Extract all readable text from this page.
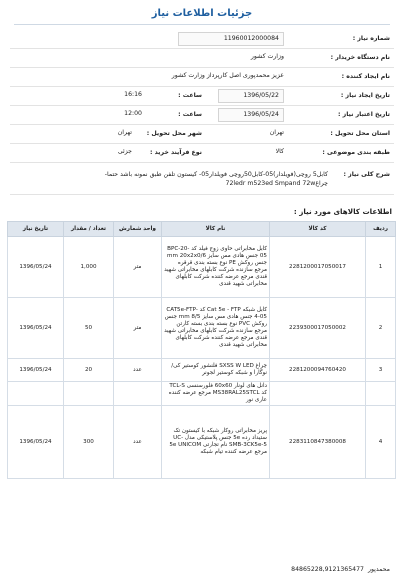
جزئیات اطلاعات نیاز
شماره نیاز :
11960012000084
نام دستگاه خریدار :
وزارت کشور
نام ایجاد کننده :
عزیز محمدپوری اصل کارپرداز وزارت کشور
تاریخ ایجاد نیاز :
1396/05/22
ساعت :
16:16
تاریخ اعتبار نیاز :
1396/05/24
ساعت :
12:00
استان محل تحویل :
تهران
شهر محل تحویل :
تهران
طبقه بندی موضوعی :
کالا
نوع فرآیند خرید :
جزئی
شرح کلی نیاز :
کابل5 روچی(فویلدار)05-کابل50روچی فویلدار05- کیستون تلفن طبق نمونه باشد حتما-
چراغ72ledr m523ed Smpand 72w
اطلاعات کالاهای مورد نیاز :
ردیف	کد کالا	نام کالا	واحد شمارش	تعداد / مقدار	تاریخ نیاز
1	2281200017050017	کابل مخابراتی حاوی زوج فیلد کد BPC-20-05 جنس هادی مس سایز mm 20x2x0/6 جنس روکش PE نوع بسته بندی قرقره مرجع سازنده شرکت کابلهای مخابراتی شهید قندی مرجع عرضه کننده شرکت کابلهای مخابراتی شهید قندی	متر	1,000	1396/05/24
2	2239300017050002	کابل شبکه Cat 5e - FTP کد CAT5e-FTP-4-05 جنس هادی مس سایز mm 8/5 جنس روکش PVC نوع بسته بندی بسته کارتن مرجع سازنده شرکت کابلهای مخابراتی شهید قندی مرجع عرضه کننده شرکت کابلهای مخابراتی شهید قندی	متر	50	1396/05/24
3	2281200094760420	چراغ SXSS W LED فلنشور کوستیر کی/نوگارا و شبکه کوستیر لجونر	عدد	20	1396/05/24
		دانل های لونار 60x60 فلورسنسی TCL-S کد MS38RAL25STCL مرجع عرضه کننده عاری نور			
4	2283110847380008	پریز مخابراتی روکار شبکه با کیستون تک ستیداد رده 5e جنس پلاستیکی مدل UC-SMB-3CK5e-5 نام تجارتی 5e UNICOM مرجع عرضه کننده تیام شبکه	عدد	300	1396/05/24
84865228,9121365477 محمدپور
